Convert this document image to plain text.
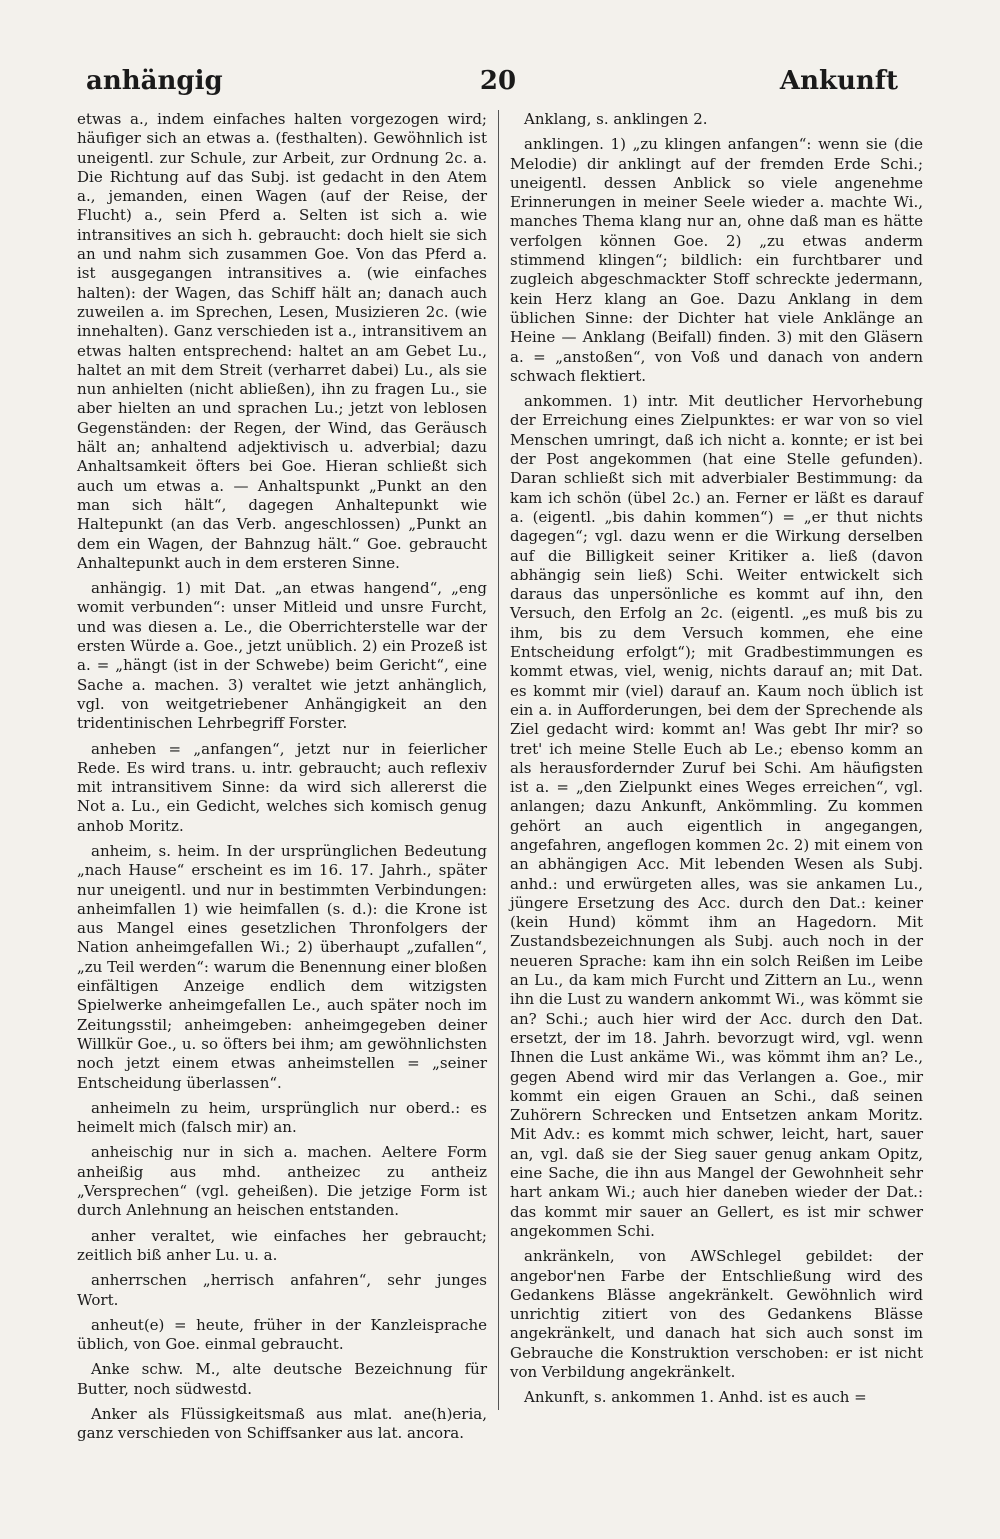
anhängig	20	Ankunft

etwas a., indem einfaches halten vorgezogen wird; häufiger sich an etwas a. (festhalten). Gewöhnlich ist uneigentl. zur Schule, zur Arbeit, zur Ordnung 2c. a. Die Richtung auf das Subj. ist gedacht in den Atem a., jemanden, einen Wagen (auf der Reise, der Flucht) a., sein Pferd a. Selten ist sich a. wie intransitives an sich h. gebraucht: doch hielt sie sich an und nahm sich zusammen Goe. Von das Pferd a. ist ausgegangen intransitives a. (wie einfaches halten): der Wagen, das Schiff hält an; danach auch zuweilen a. im Sprechen, Lesen, Musizieren 2c. (wie innehalten). Ganz verschieden ist a., intransitivem an etwas halten entsprechend: haltet an am Gebet Lu., haltet an mit dem Streit (verharret dabei) Lu., als sie nun anhielten (nicht abließen), ihn zu fragen Lu., sie aber hielten an und sprachen Lu.; jetzt von leblosen Gegenständen: der Regen, der Wind, das Geräusch hält an; anhaltend adjektivisch u. adverbial; dazu Anhaltsamkeit öfters bei Goe. Hieran schließt sich auch um etwas a. — Anhaltspunkt „Punkt an den man sich hält“, dagegen Anhaltepunkt wie Haltepunkt (an das Verb. angeschlossen) „Punkt an dem ein Wagen, der Bahnzug hält.“ Goe. gebraucht Anhaltepunkt auch in dem ersteren Sinne.

anhängig. 1) mit Dat. „an etwas hangend“, „eng womit verbunden“: unser Mitleid und unsre Furcht, und was diesen a. Le., die Oberrichterstelle war der ersten Würde a. Goe., jetzt unüblich. 2) ein Prozeß ist a. = „hängt (ist in der Schwebe) beim Gericht“, eine Sache a. machen. 3) veraltet wie jetzt anhänglich, vgl. von weitgetriebener Anhängigkeit an den tridentinischen Lehrbegriff Forster.

anheben = „anfangen“, jetzt nur in feierlicher Rede. Es wird trans. u. intr. gebraucht; auch reflexiv mit intransitivem Sinne: da wird sich allererst die Not a. Lu., ein Gedicht, welches sich komisch genug anhob Moritz.

anheim, s. heim. In der ursprünglichen Bedeutung „nach Hause“ erscheint es im 16. 17. Jahrh., später nur uneigentl. und nur in bestimmten Verbindungen: anheimfallen 1) wie heimfallen (s. d.): die Krone ist aus Mangel eines gesetzlichen Thronfolgers der Nation anheimgefallen Wi.; 2) überhaupt „zufallen“, „zu Teil werden“: warum die Benennung einer bloßen einfältigen Anzeige endlich dem witzigsten Spielwerke anheimgefallen Le., auch später noch im Zeitungsstil; anheimgeben: anheimgegeben deiner Willkür Goe., u. so öfters bei ihm; am gewöhnlichsten noch jetzt einem etwas anheimstellen = „seiner Entscheidung überlassen“.

anheimeln zu heim, ursprünglich nur oberd.: es heimelt mich (falsch mir) an.

anheischig nur in sich a. machen. Aeltere Form anheißig aus mhd. antheizec zu antheiz „Versprechen“ (vgl. geheißen). Die jetzige Form ist durch Anlehnung an heischen entstanden.

anher veraltet, wie einfaches her gebraucht; zeitlich biß anher Lu. u. a.

anherrschen „herrisch anfahren“, sehr junges Wort.

anheut(e) = heute, früher in der Kanzleisprache üblich, von Goe. einmal gebraucht.

Anke schw. M., alte deutsche Bezeichnung für Butter, noch südwestd.

Anker als Flüssigkeitsmaß aus mlat. ane(h)eria, ganz verschieden von Schiffsanker aus lat. ancora.

Anklang, s. anklingen 2.

anklingen. 1) „zu klingen anfangen“: wenn sie (die Melodie) dir anklingt auf der fremden Erde Schi.; uneigentl. dessen Anblick so viele angenehme Erinnerungen in meiner Seele wieder a. machte Wi., manches Thema klang nur an, ohne daß man es hätte verfolgen können Goe. 2) „zu etwas anderm stimmend klingen“; bildlich: ein furchtbarer und zugleich abgeschmackter Stoff schreckte jedermann, kein Herz klang an Goe. Dazu Anklang in dem üblichen Sinne: der Dichter hat viele Anklänge an Heine — Anklang (Beifall) finden. 3) mit den Gläsern a. = „anstoßen“, von Voß und danach von andern schwach flektiert.

ankommen. 1) intr. Mit deutlicher Hervorhebung der Erreichung eines Zielpunktes: er war von so viel Menschen umringt, daß ich nicht a. konnte; er ist bei der Post angekommen (hat eine Stelle gefunden). Daran schließt sich mit adverbialer Bestimmung: da kam ich schön (übel 2c.) an. Ferner er läßt es darauf a. (eigentl. „bis dahin kommen“) = „er thut nichts dagegen“; vgl. dazu wenn er die Wirkung derselben auf die Billigkeit seiner Kritiker a. ließ (davon abhängig sein ließ) Schi. Weiter entwickelt sich daraus das unpersönliche es kommt auf ihn, den Versuch, den Erfolg an 2c. (eigentl. „es muß bis zu ihm, bis zu dem Versuch kommen, ehe eine Entscheidung erfolgt“); mit Gradbestimmungen es kommt etwas, viel, wenig, nichts darauf an; mit Dat. es kommt mir (viel) darauf an. Kaum noch üblich ist ein a. in Aufforderungen, bei dem der Sprechende als Ziel gedacht wird: kommt an! Was gebt Ihr mir? so tret' ich meine Stelle Euch ab Le.; ebenso komm an als herausfordernder Zuruf bei Schi. Am häufigsten ist a. = „den Zielpunkt eines Weges erreichen“, vgl. anlangen; dazu Ankunft, Ankömmling. Zu kommen gehört an auch eigentlich in angegangen, angefahren, angeflogen kommen 2c. 2) mit einem von an abhängigen Acc. Mit lebenden Wesen als Subj. anhd.: und erwürgeten alles, was sie ankamen Lu., jüngere Ersetzung des Acc. durch den Dat.: keiner (kein Hund) kömmt ihm an Hagedorn. Mit Zustandsbezeichnungen als Subj. auch noch in der neueren Sprache: kam ihn ein solch Reißen im Leibe an Lu., da kam mich Furcht und Zittern an Lu., wenn ihn die Lust zu wandern ankommt Wi., was kömmt sie an? Schi.; auch hier wird der Acc. durch den Dat. ersetzt, der im 18. Jahrh. bevorzugt wird, vgl. wenn Ihnen die Lust ankäme Wi., was kömmt ihm an? Le., gegen Abend wird mir das Verlangen a. Goe., mir kommt ein eigen Grauen an Schi., daß seinen Zuhörern Schrecken und Entsetzen ankam Moritz. Mit Adv.: es kommt mich schwer, leicht, hart, sauer an, vgl. daß sie der Sieg sauer genug ankam Opitz, eine Sache, die ihn aus Mangel der Gewohnheit sehr hart ankam Wi.; auch hier daneben wieder der Dat.: das kommt mir sauer an Gellert, es ist mir schwer angekommen Schi.

ankränkeln, von AWSchlegel gebildet: der angebor'nen Farbe der Entschließung wird des Gedankens Blässe angekränkelt. Gewöhnlich wird unrichtig zitiert von des Gedankens Blässe angekränkelt, und danach hat sich auch sonst im Gebrauche die Konstruktion verschoben: er ist nicht von Verbildung angekränkelt.

Ankunft, s. ankommen 1. Anhd. ist es auch =
